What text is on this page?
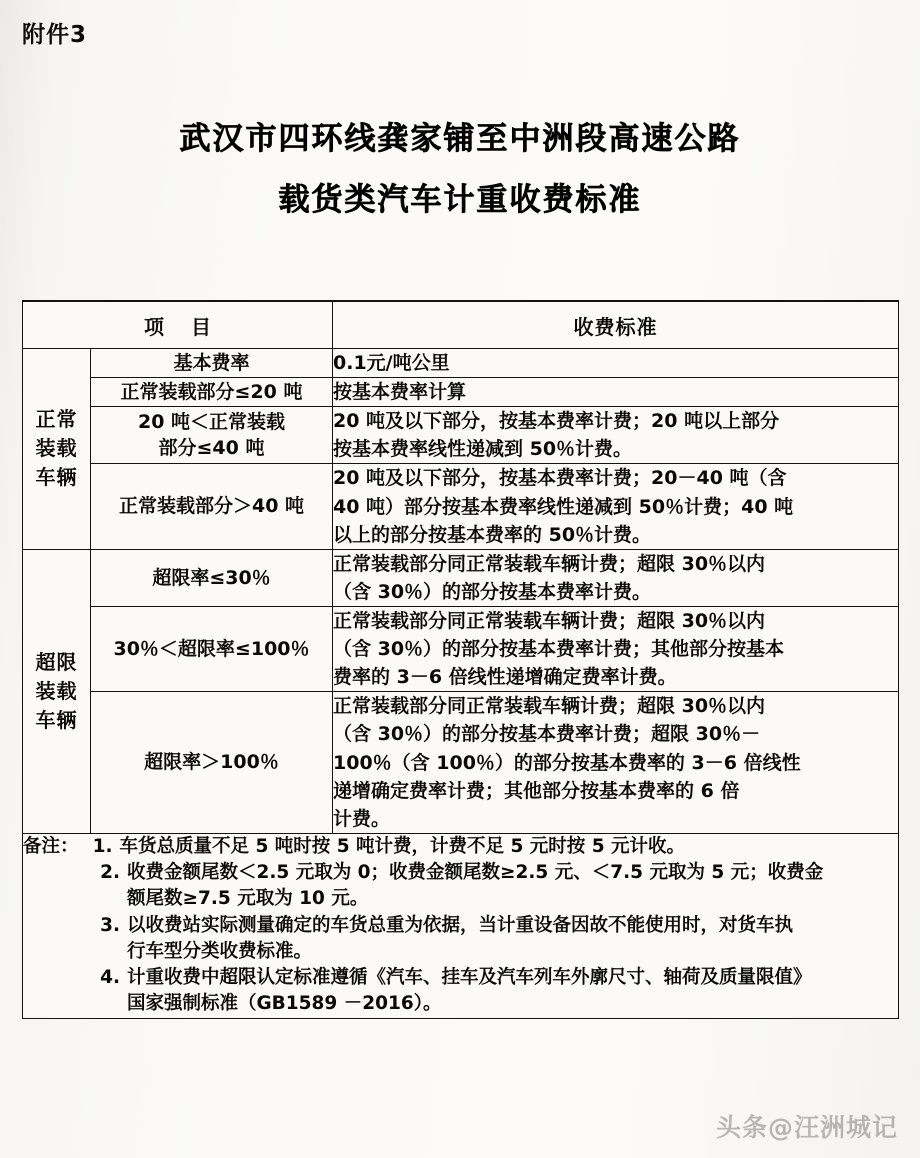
附件3
武汉市四环线龚家铺至中洲段高速公路
载货类汽车计重收费标准
项 目		收费标准

正常
装载
车辆	基本费率	0.1元/吨公里

	正常装载部分≤20 吨	按基本费率计算

	20 吨＜正常装载
部分≤40 吨	20 吨及以下部分，按基本费率计费；20 吨以上部分
按基本费率线性递减到 50％计费。

	正常装载部分＞40 吨	20 吨及以下部分，按基本费率计费；20－40 吨（含
40 吨）部分按基本费率线性递减到 50％计费；40 吨
以上的部分按基本费率的 50％计费。

超限
装载
车辆	超限率≤30％	正常装载部分同正常装载车辆计费；超限 30％以内
（含 30％）的部分按基本费率计费。

	30％＜超限率≤100％	正常装载部分同正常装载车辆计费；超限 30％以内
（含 30％）的部分按基本费率计费；其他部分按基本
费率的 3－6 倍线性递增确定费率计费。

	超限率＞100％	正常装载部分同正常装载车辆计费；超限 30％以内
（含 30％）的部分按基本费率计费；超限 30％－
100％（含 100％）的部分按基本费率的 3－6 倍线性
递增确定费率计费；其他部分按基本费率的 6 倍
计费。

备注： 1. 车货总质量不足 5 吨时按 5 吨计费，计费不足 5 元时按 5 元计收。
2. 收费金额尾数＜2.5 元取为 0；收费金额尾数≥2.5 元、＜7.5 元取为 5 元；收费金
额尾数≥7.5 元取为 10 元。
3. 以收费站实际测量确定的车货总重为依据，当计重设备因故不能使用时，对货车执
行车型分类收费标准。
4. 计重收费中超限认定标准遵循《汽车、挂车及汽车列车外廓尺寸、轴荷及质量限值》
国家强制标准（GB1589 －2016）。
头条@汪洲城记
